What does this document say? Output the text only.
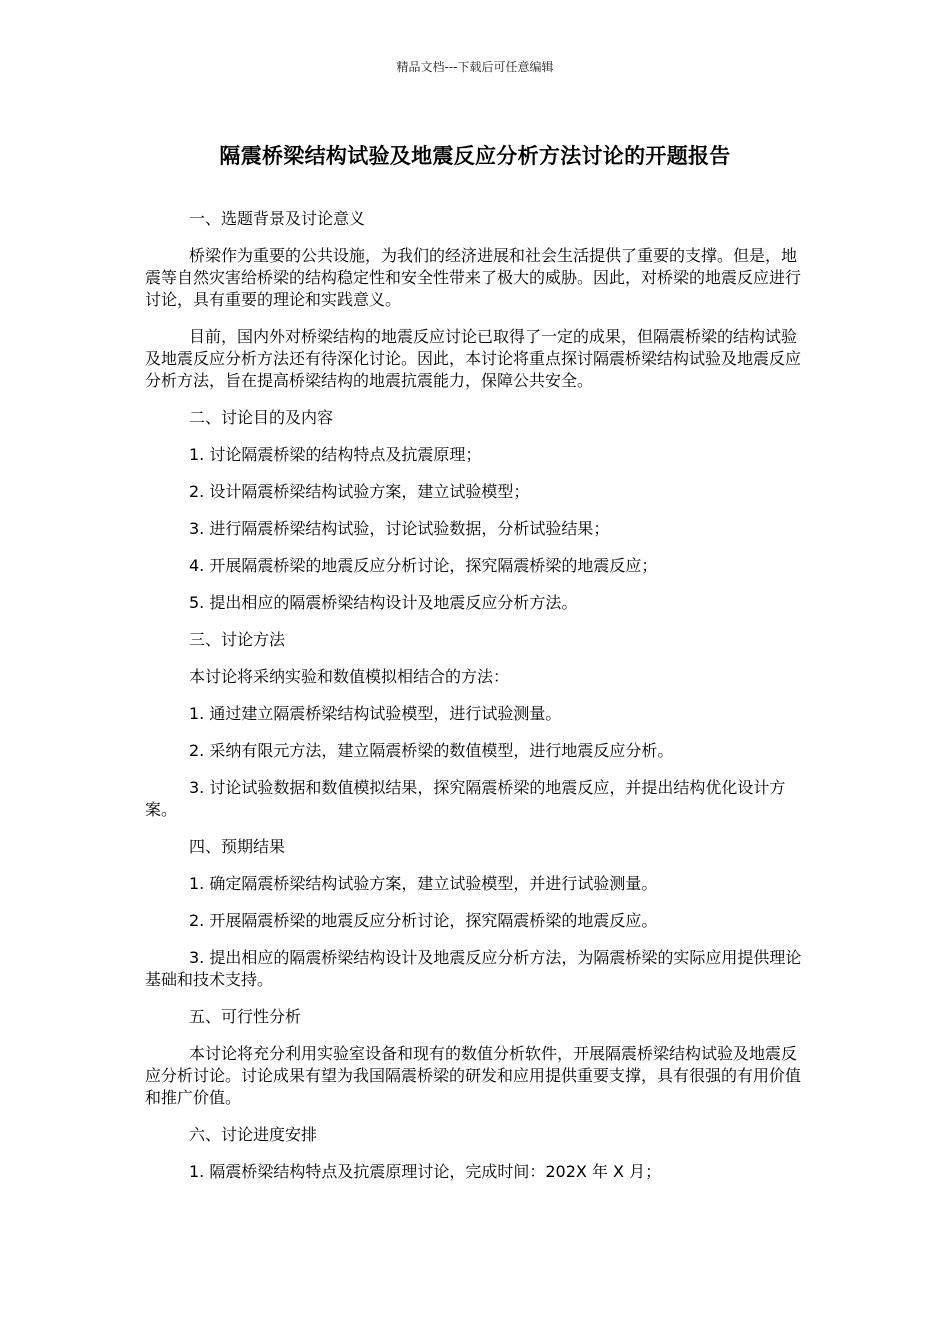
精品文档---下载后可任意编辑
隔震桥梁结构试验及地震反应分析方法讨论的开题报告

一、选题背景及讨论意义

桥梁作为重要的公共设施，为我们的经济进展和社会生活提供了重要的支撑。但是，地震等自然灾害给桥梁的结构稳定性和安全性带来了极大的威胁。因此，对桥梁的地震反应进行讨论，具有重要的理论和实践意义。

目前，国内外对桥梁结构的地震反应讨论已取得了一定的成果，但隔震桥梁的结构试验及地震反应分析方法还有待深化讨论。因此，本讨论将重点探讨隔震桥梁结构试验及地震反应分析方法，旨在提高桥梁结构的地震抗震能力，保障公共安全。

二、讨论目的及内容

1. 讨论隔震桥梁的结构特点及抗震原理；

2. 设计隔震桥梁结构试验方案，建立试验模型；

3. 进行隔震桥梁结构试验，讨论试验数据，分析试验结果；

4. 开展隔震桥梁的地震反应分析讨论，探究隔震桥梁的地震反应；

5. 提出相应的隔震桥梁结构设计及地震反应分析方法。

三、讨论方法

本讨论将采纳实验和数值模拟相结合的方法：

1. 通过建立隔震桥梁结构试验模型，进行试验测量。

2. 采纳有限元方法，建立隔震桥梁的数值模型，进行地震反应分析。

3. 讨论试验数据和数值模拟结果，探究隔震桥梁的地震反应，并提出结构优化设计方案。

四、预期结果

1. 确定隔震桥梁结构试验方案，建立试验模型，并进行试验测量。

2. 开展隔震桥梁的地震反应分析讨论，探究隔震桥梁的地震反应。

3. 提出相应的隔震桥梁结构设计及地震反应分析方法，为隔震桥梁的实际应用提供理论基础和技术支持。

五、可行性分析

本讨论将充分利用实验室设备和现有的数值分析软件，开展隔震桥梁结构试验及地震反应分析讨论。讨论成果有望为我国隔震桥梁的研发和应用提供重要支撑，具有很强的有用价值和推广价值。

六、讨论进度安排

1. 隔震桥梁结构特点及抗震原理讨论，完成时间：202X 年 X 月；
